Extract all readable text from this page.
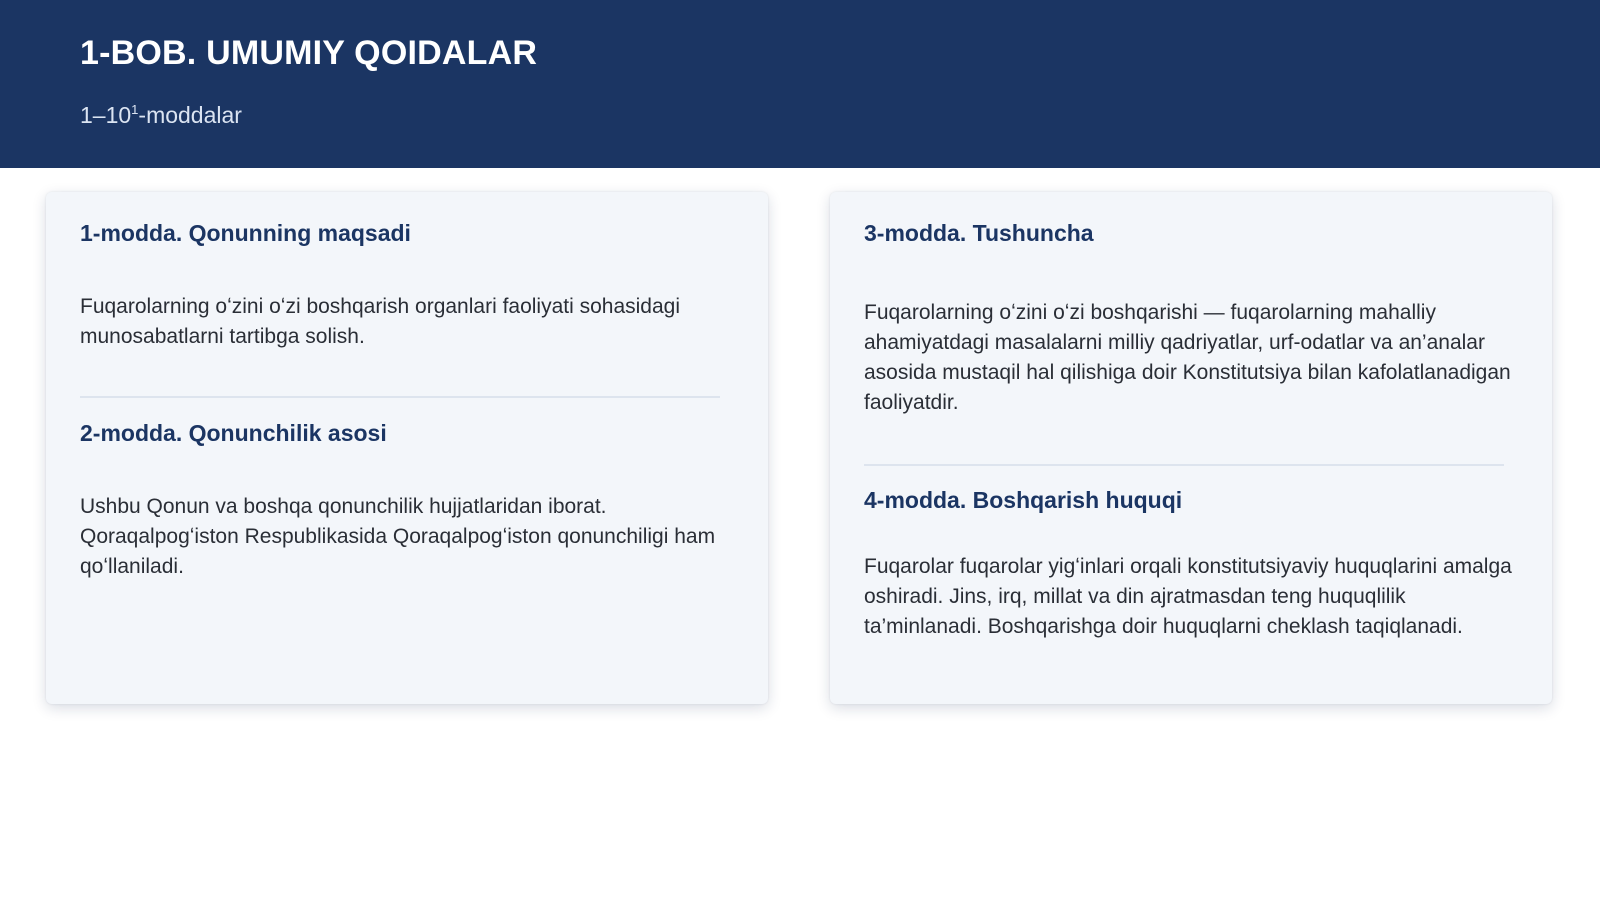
1-BOB. UMUMIY QOIDALAR
$1-10^1$-moddalar
1-modda. Qonunning maqsadi

Fuqarolarning oʻzini oʻzi boshqarish organlari faoliyati sohasidagi munosabatlarni tartibga solish.

2-modda. Qonunchilik asosi

Ushbu Qonun va boshqa qonunchilik hujjatlaridan iborat. Qoraqalpogʻiston Respublikasida Qoraqalpogʻiston qonunchiligi ham qoʻllaniladi.

3-modda. Tushuncha

Fuqarolarning oʻzini oʻzi boshqarishi — fuqarolarning mahalliy ahamiyatdagi masalalarni milliy qadriyatlar, urf-odatlar va an’analar asosida mustaqil hal qilishiga doir Konstitutsiya bilan kafolatlanadigan faoliyatdir.

4-modda. Boshqarish huquqi

Fuqarolar fuqarolar yigʻinlari orqali konstitutsiyaviy huquqlarini amalga oshiradi. Jins, irq, millat va din ajratmasdan teng huquqlilik ta’minlanadi. Boshqarishga doir huquqlarni cheklash taqiqlanadi.
